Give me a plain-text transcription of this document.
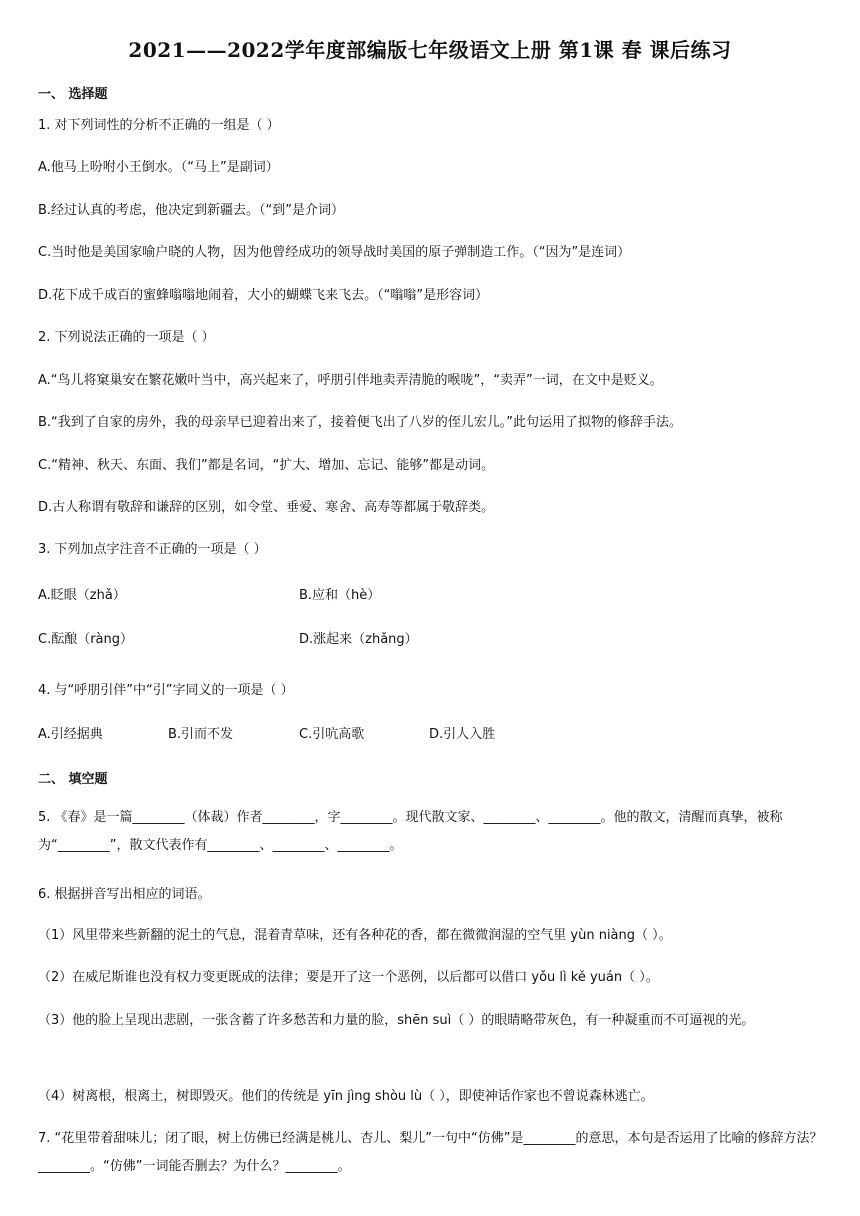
2021——2022学年度部编版七年级语文上册 第1课 春 课后练习
一、 选择题
1. 对下列词性的分析不正确的一组是（ ）
A.他马上吩咐小王倒水。（“马上”是副词）
B.经过认真的考虑，他决定到新疆去。（“到”是介词）
C.当时他是美国家喻户晓的人物，因为他曾经成功的领导战时美国的原子弹制造工作。（“因为”是连词）
D.花下成千成百的蜜蜂嗡嗡地闹着，大小的蝴蝶飞来飞去。（“嗡嗡”是形容词）
2. 下列说法正确的一项是（ ）
A.“鸟儿将窠巢安在繁花嫩叶当中，高兴起来了，呼朋引伴地卖弄清脆的喉咙”，“卖弄”一词，在文中是贬义。
B.“我到了自家的房外，我的母亲早已迎着出来了，接着便飞出了八岁的侄儿宏儿。”此句运用了拟物的修辞手法。
C.“精神、秋天、东面、我们”都是名词，“扩大、增加、忘记、能够”都是动词。
D.古人称谓有敬辞和谦辞的区别，如令堂、垂爱、寒舍、高寿等都属于敬辞类。
3. 下列加点字注音不正确的一项是（ ）
A.眨眼（zhǎ）	B.应和（hè）
C.酝酿（ràng）	D.涨起来（zhǎng）
4. 与“呼朋引伴”中“引”字同义的一项是（ ）
A.引经据典	B.引而不发	C.引吭高歌	D.引人入胜
二、 填空题
5. 《春》是一篇________（体裁）作者________，字________。现代散文家、________、________。他的散文，清醒而真挚，被称为“________”，散文代表作有________、________、________。
6. 根据拼音写出相应的词语。
（1）风里带来些新翻的泥土的气息，混着青草味，还有各种花的香，都在微微润湿的空气里 yùn niàng（ ）。
（2）在威尼斯谁也没有权力变更既成的法律；要是开了这一个恶例，以后都可以借口 yǒu lì kě yuán（ ）。
（3）他的脸上呈现出悲剧，一张含蓄了许多愁苦和力量的脸，shēn suì（ ）的眼睛略带灰色，有一种凝重而不可逼视的光。
（4）树离根，根离土，树即毁灭。他们的传统是 yīn jìng shòu lù（ ），即使神话作家也不曾说森林逃亡。
7. “花里带着甜味儿；闭了眼，树上仿佛已经满是桃儿、杏儿、梨儿”一句中“仿佛”是________的意思，本句是否运用了比喻的修辞方法？________。“仿佛”一词能否删去？为什么？________。
